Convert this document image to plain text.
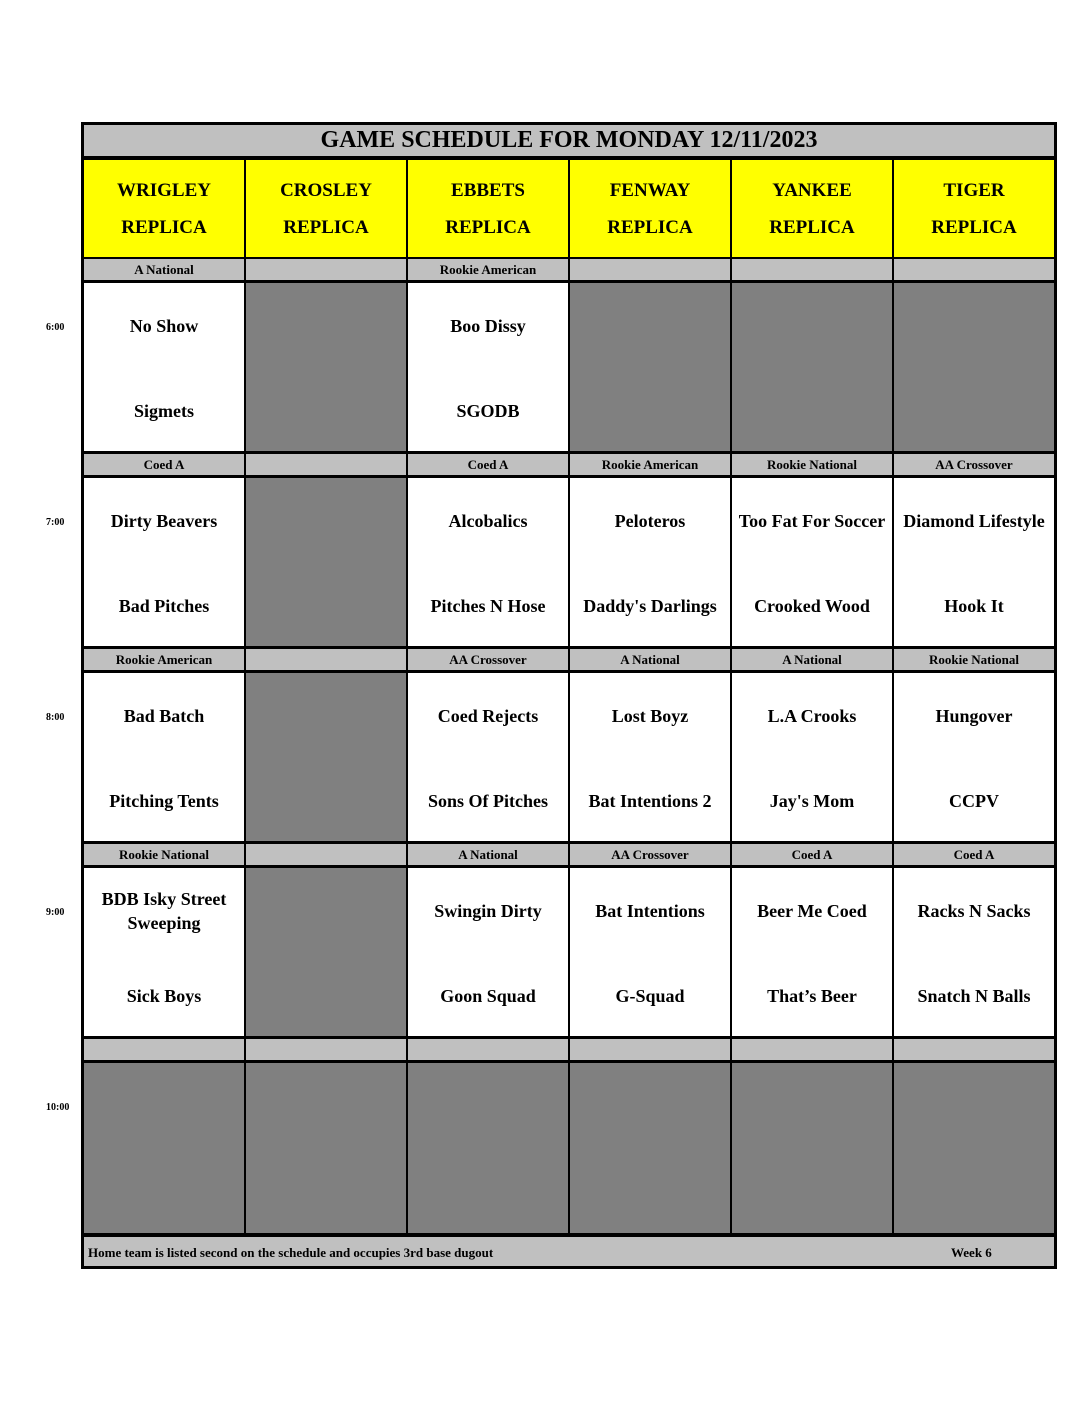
GAME SCHEDULE FOR MONDAY 12/11/2023
Home team is listed second on the schedule and occupies 3rd base dugout	Week 6
WRIGLEY
REPLICA
CROSLEY
REPLICA
EBBETS
REPLICA
FENWAY
REPLICA
YANKEE
REPLICA
TIGER
REPLICA
A National
No Show
Sigmets
Rookie American
Boo Dissy
SGODB
Coed A
Dirty Beavers
Bad Pitches
Coed A
Alcobalics
Pitches N Hose
Rookie American
Peloteros
Daddy's Darlings
Rookie National
Too Fat For Soccer
Crooked Wood
AA Crossover
Diamond Lifestyle
Hook It
Rookie American
Bad Batch
Pitching Tents
AA Crossover
Coed Rejects
Sons Of Pitches
A National
Lost Boyz
Bat Intentions 2
A National
L.A Crooks
Jay's Mom
Rookie National
Hungover
CCPV
Rookie National
BDB Isky Street Sweeping
Sick Boys
A National
Swingin Dirty
Goon Squad
AA Crossover
Bat Intentions
G-Squad
Coed A
Beer Me Coed
That’s Beer
Coed A
Racks N Sacks
Snatch N Balls
6:00
7:00
8:00
9:00
10:00
